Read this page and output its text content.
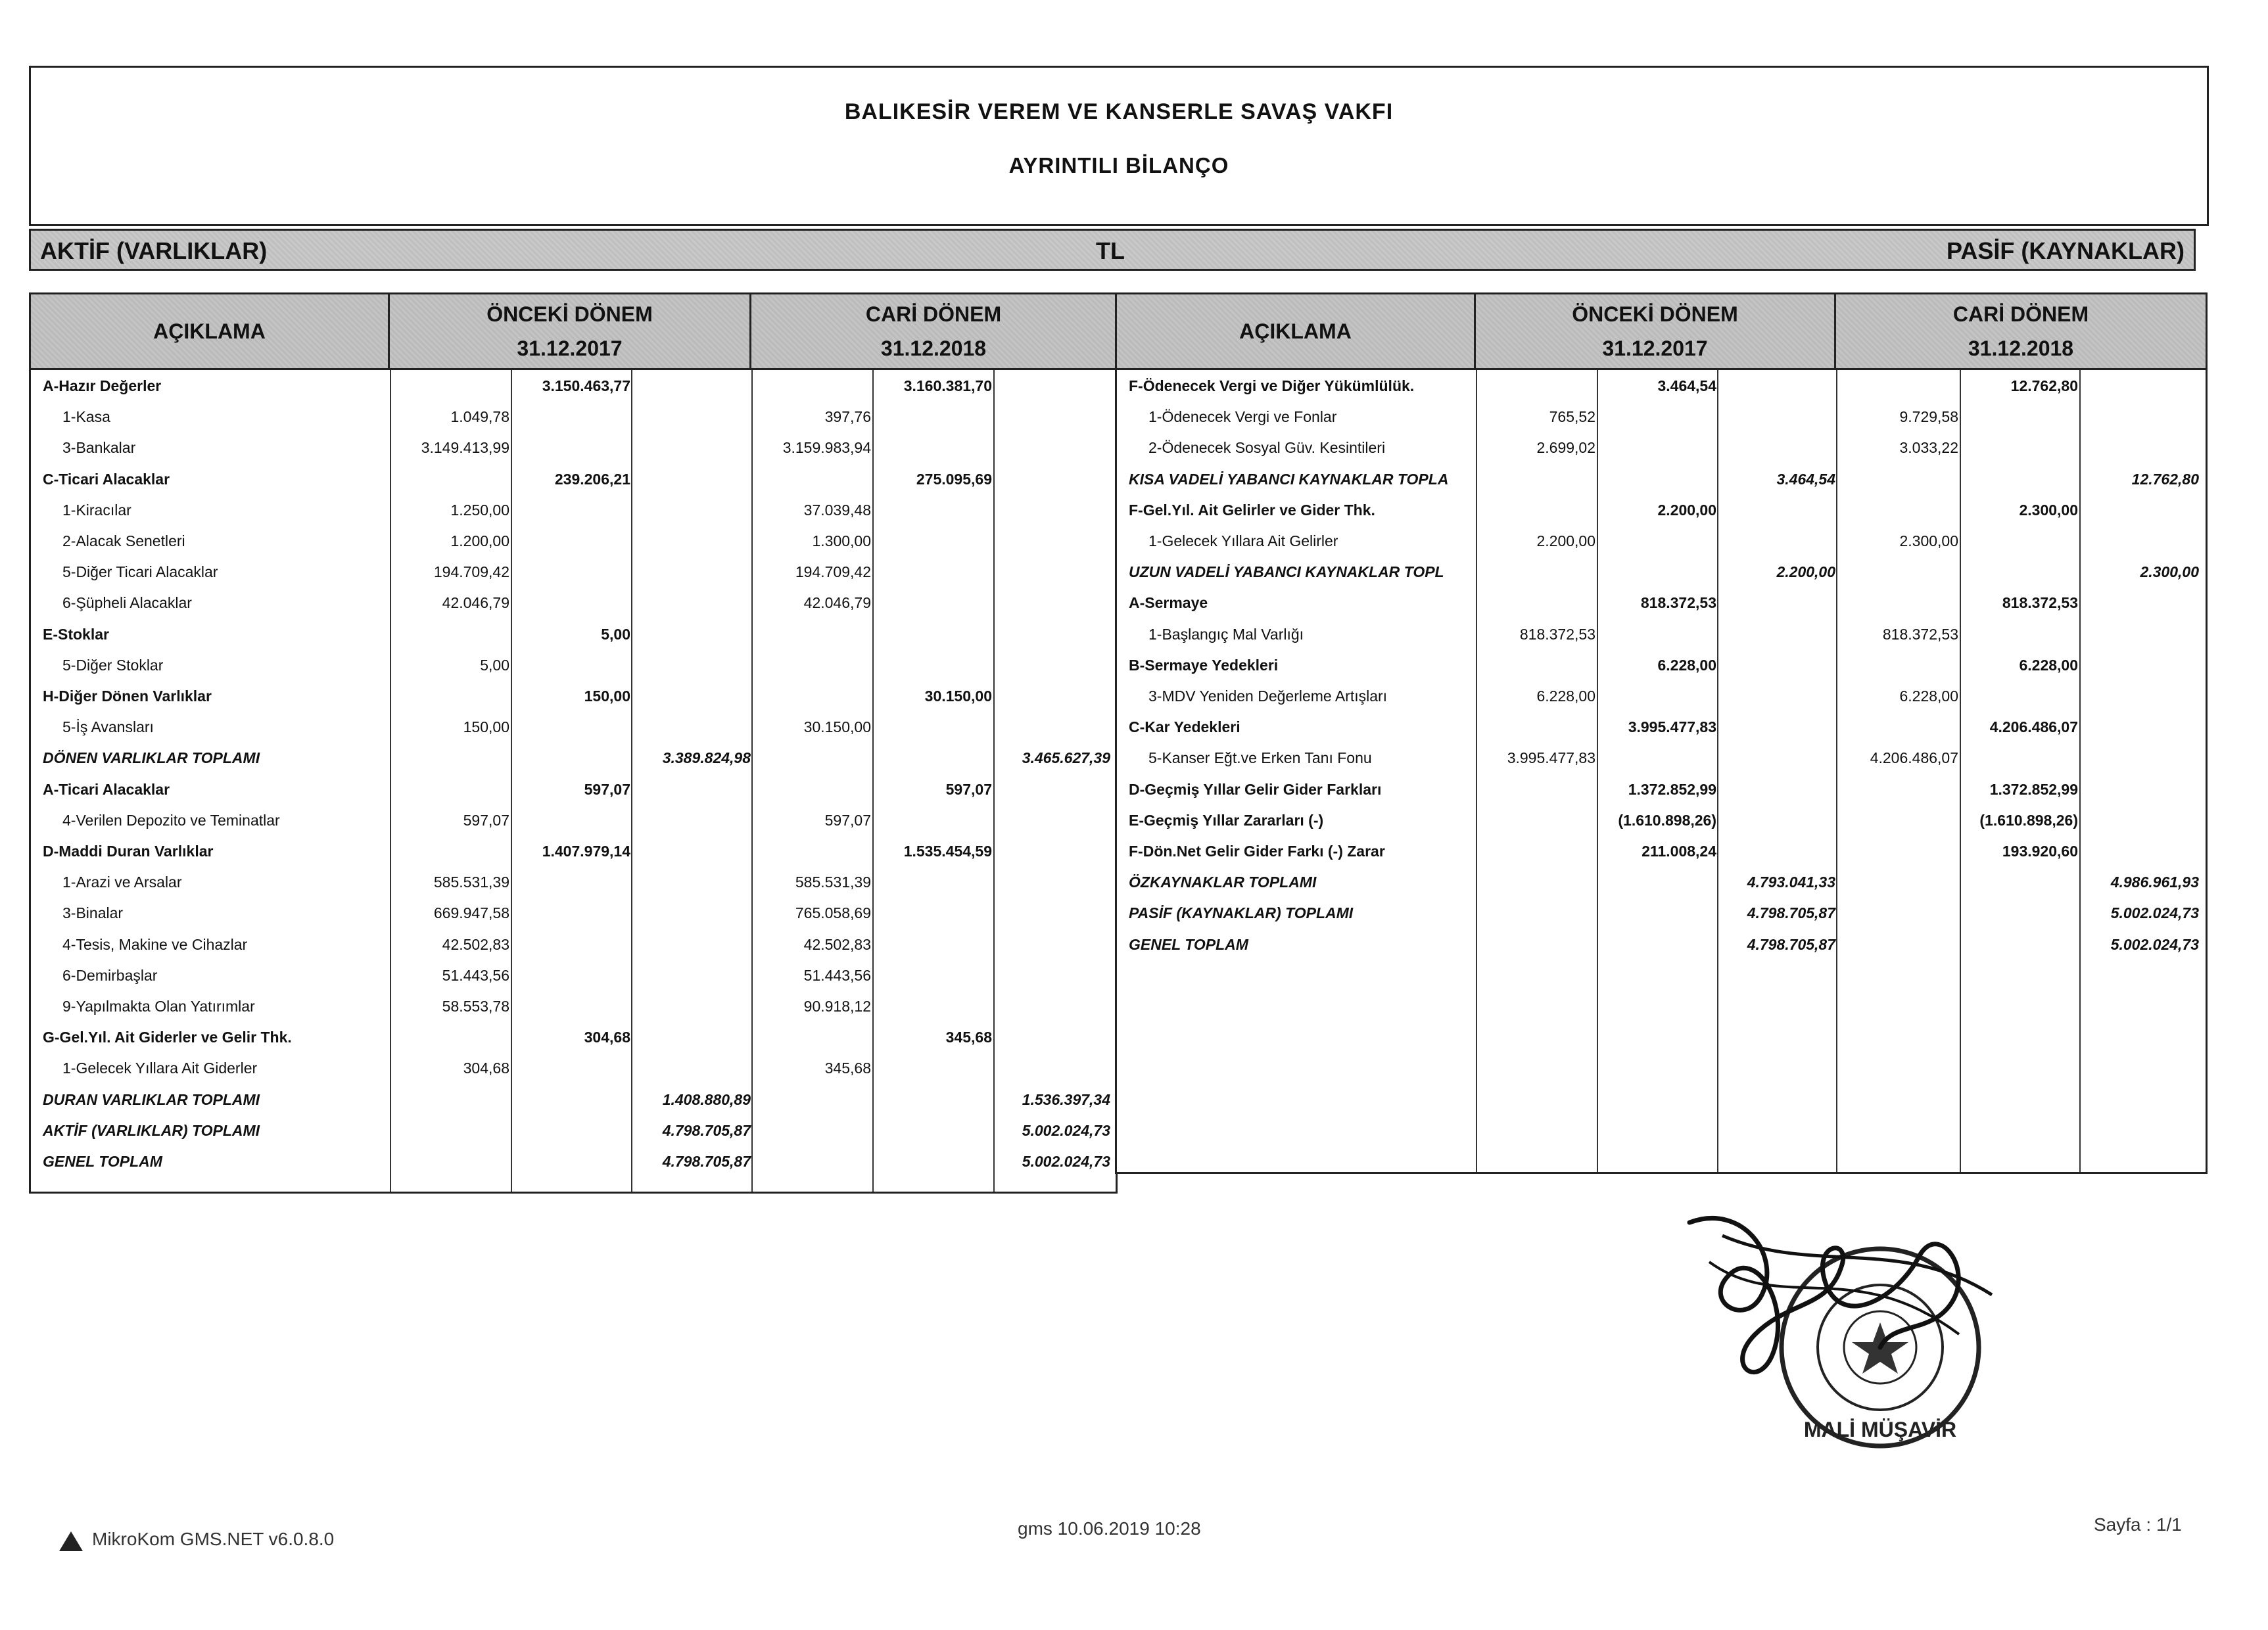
BALIKESİR VEREM VE KANSERLE SAVAŞ VAKFI
AYRINTILI BİLANÇO
AKTİF (VARLIKLAR)	TL	PASİF (KAYNAKLAR)
AÇIKLAMA
ÖNCEKİ DÖNEM
31.12.2017
CARİ DÖNEM
31.12.2018
A-Hazır Değerler	3.150.463,77	3.160.381,70
1-Kasa	1.049,78	397,76
3-Bankalar	3.149.413,99	3.159.983,94
C-Ticari Alacaklar	239.206,21	275.095,69
1-Kiracılar	1.250,00	37.039,48
2-Alacak Senetleri	1.200,00	1.300,00
5-Diğer Ticari Alacaklar	194.709,42	194.709,42
6-Şüpheli Alacaklar	42.046,79	42.046,79
E-Stoklar	5,00
5-Diğer Stoklar	5,00
H-Diğer Dönen Varlıklar	150,00	30.150,00
5-İş Avansları	150,00	30.150,00
DÖNEN VARLIKLAR TOPLAMI	3.389.824,98	3.465.627,39
A-Ticari Alacaklar	597,07	597,07
4-Verilen Depozito ve Teminatlar	597,07	597,07
D-Maddi Duran Varlıklar	1.407.979,14	1.535.454,59
1-Arazi ve Arsalar	585.531,39	585.531,39
3-Binalar	669.947,58	765.058,69
4-Tesis, Makine ve Cihazlar	42.502,83	42.502,83
6-Demirbaşlar	51.443,56	51.443,56
9-Yapılmakta Olan Yatırımlar	58.553,78	90.918,12
G-Gel.Yıl. Ait Giderler ve Gelir Thk.	304,68	345,68
1-Gelecek Yıllara Ait Giderler	304,68	345,68
DURAN VARLIKLAR TOPLAMI	1.408.880,89	1.536.397,34
AKTİF (VARLIKLAR) TOPLAMI	4.798.705,87	5.002.024,73
GENEL TOPLAM	4.798.705,87	5.002.024,73
AÇIKLAMA
ÖNCEKİ DÖNEM
31.12.2017
CARİ DÖNEM
31.12.2018
F-Ödenecek Vergi ve Diğer Yükümlülük.	3.464,54	12.762,80
1-Ödenecek Vergi ve Fonlar	765,52	9.729,58
2-Ödenecek Sosyal Güv. Kesintileri	2.699,02	3.033,22
KISA VADELİ YABANCI KAYNAKLAR TOPLA	3.464,54	12.762,80
F-Gel.Yıl. Ait Gelirler ve Gider Thk.	2.200,00	2.300,00
1-Gelecek Yıllara Ait Gelirler	2.200,00	2.300,00
UZUN VADELİ YABANCI KAYNAKLAR TOPL	2.200,00	2.300,00
A-Sermaye	818.372,53	818.372,53
1-Başlangıç Mal Varlığı	818.372,53	818.372,53
B-Sermaye Yedekleri	6.228,00	6.228,00
3-MDV Yeniden Değerleme Artışları	6.228,00	6.228,00
C-Kar Yedekleri	3.995.477,83	4.206.486,07
5-Kanser Eğt.ve Erken Tanı Fonu	3.995.477,83	4.206.486,07
D-Geçmiş Yıllar Gelir Gider Farkları	1.372.852,99	1.372.852,99
E-Geçmiş Yıllar Zararları (-)	(1.610.898,26)	(1.610.898,26)
F-Dön.Net Gelir Gider Farkı (-) Zarar	211.008,24	193.920,60
ÖZKAYNAKLAR TOPLAMI	4.793.041,33	4.986.961,93
PASİF (KAYNAKLAR) TOPLAMI	4.798.705,87	5.002.024,73
GENEL TOPLAM	4.798.705,87	5.002.024,73
MALİ MÜŞAVİR
MikroKom GMS.NET v6.0.8.0
gms 10.06.2019 10:28	Sayfa : 1/1
